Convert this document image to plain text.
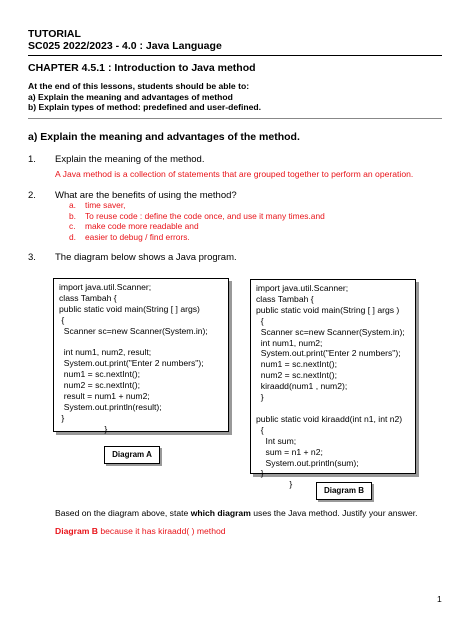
TUTORIAL
SC025 2022/2023 - 4.0 : Java Language
CHAPTER 4.5.1 : Introduction to Java method
At the end of this lessons, students should be able to:
a) Explain the meaning and advantages of method
b) Explain types of method: predefined and user-defined.
a) Explain the meaning and advantages of the method.
1. Explain the meaning of the method.
A Java method is a collection of statements that are grouped together to perform an operation.
2. What are the benefits of using the method?
a. time saver,
b. To reuse code : define the code once, and use it many times.and
c. make code more readable and
d. easier to debug / find errors.
3. The diagram below shows a Java program.
import java.util.Scanner;
class Tambah {
public static void main(String [ ] args)
{
Scanner sc=new Scanner(System.in);

int num1, num2, result;
System.out.print("Enter 2 numbers");
num1 = sc.nextInt();
num2 = sc.nextInt();
result = num1 + num2;
System.out.println(result);
}
}
Diagram A
import java.util.Scanner;
class Tambah {
public static void main(String [ ] args )
{
Scanner sc=new Scanner(System.in);
int num1, num2;
System.out.print("Enter 2 numbers");
num1 = sc.nextInt();
num2 = sc.nextInt();
kiraadd(num1 , num2);
}

public static void kiraadd(int n1, int n2)
{
Int sum;
sum = n1 + n2;
System.out.println(sum);
}
}
Diagram B
Based on the diagram above, state which diagram uses the Java method. Justify your answer.
Diagram B because it has kiraadd( ) method
1
